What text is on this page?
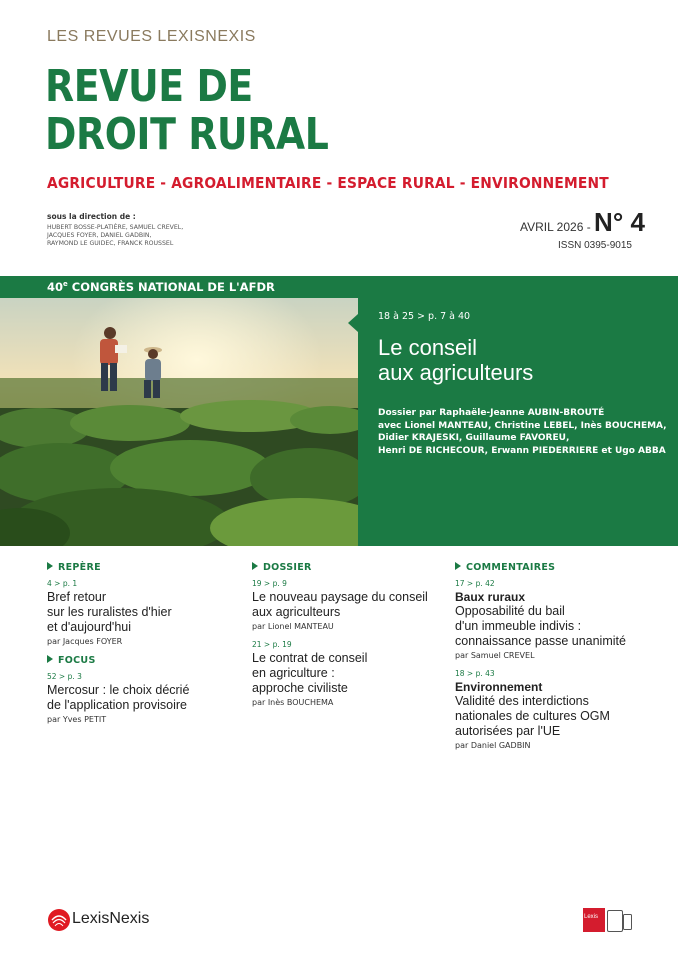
LES REVUES LEXISNEXIS
REVUE DE
DROIT RURAL
AGRICULTURE - AGROALIMENTAIRE - ESPACE RURAL - ENVIRONNEMENT
sous la direction de :
HUBERT BOSSE-PLATIÈRE, SAMUEL CREVEL,
JACQUES FOYER, DANIEL GADBIN,
RAYMOND LE GUIDEC, FRANCK ROUSSEL
AVRIL 2026 - N° 4
ISSN 0395-9015
40e CONGRÈS NATIONAL DE L'AFDR
18 à 25 > p. 7 à 40
Le conseil
aux agriculteurs
Dossier par Raphaële-Jeanne AUBIN-BROUTÉ
avec Lionel MANTEAU, Christine LEBEL, Inès BOUCHEMA,
Didier KRAJESKI, Guillaume FAVOREU,
Henri DE RICHECOUR, Erwann PIEDERRIERE et Ugo ABBA
REPÈRE
4 > p. 1
Bref retour
sur les ruralistes d'hier
et d'aujourd'hui
par Jacques FOYER
FOCUS
52 > p. 3
Mercosur : le choix décrié
de l'application provisoire
par Yves PETIT
DOSSIER
19 > p. 9
Le nouveau paysage du conseil
aux agriculteurs
par Lionel MANTEAU
21 > p. 19
Le contrat de conseil
en agriculture :
approche civiliste
par Inès BOUCHEMA
COMMENTAIRES
17 > p. 42
Baux ruraux
Opposabilité du bail
d'un immeuble indivis :
connaissance passe unanimité
par Samuel CREVEL
18 > p. 43
Environnement
Validité des interdictions
nationales de cultures OGM
autorisées par l'UE
par Daniel GADBIN
LexisNexis	Lexis
